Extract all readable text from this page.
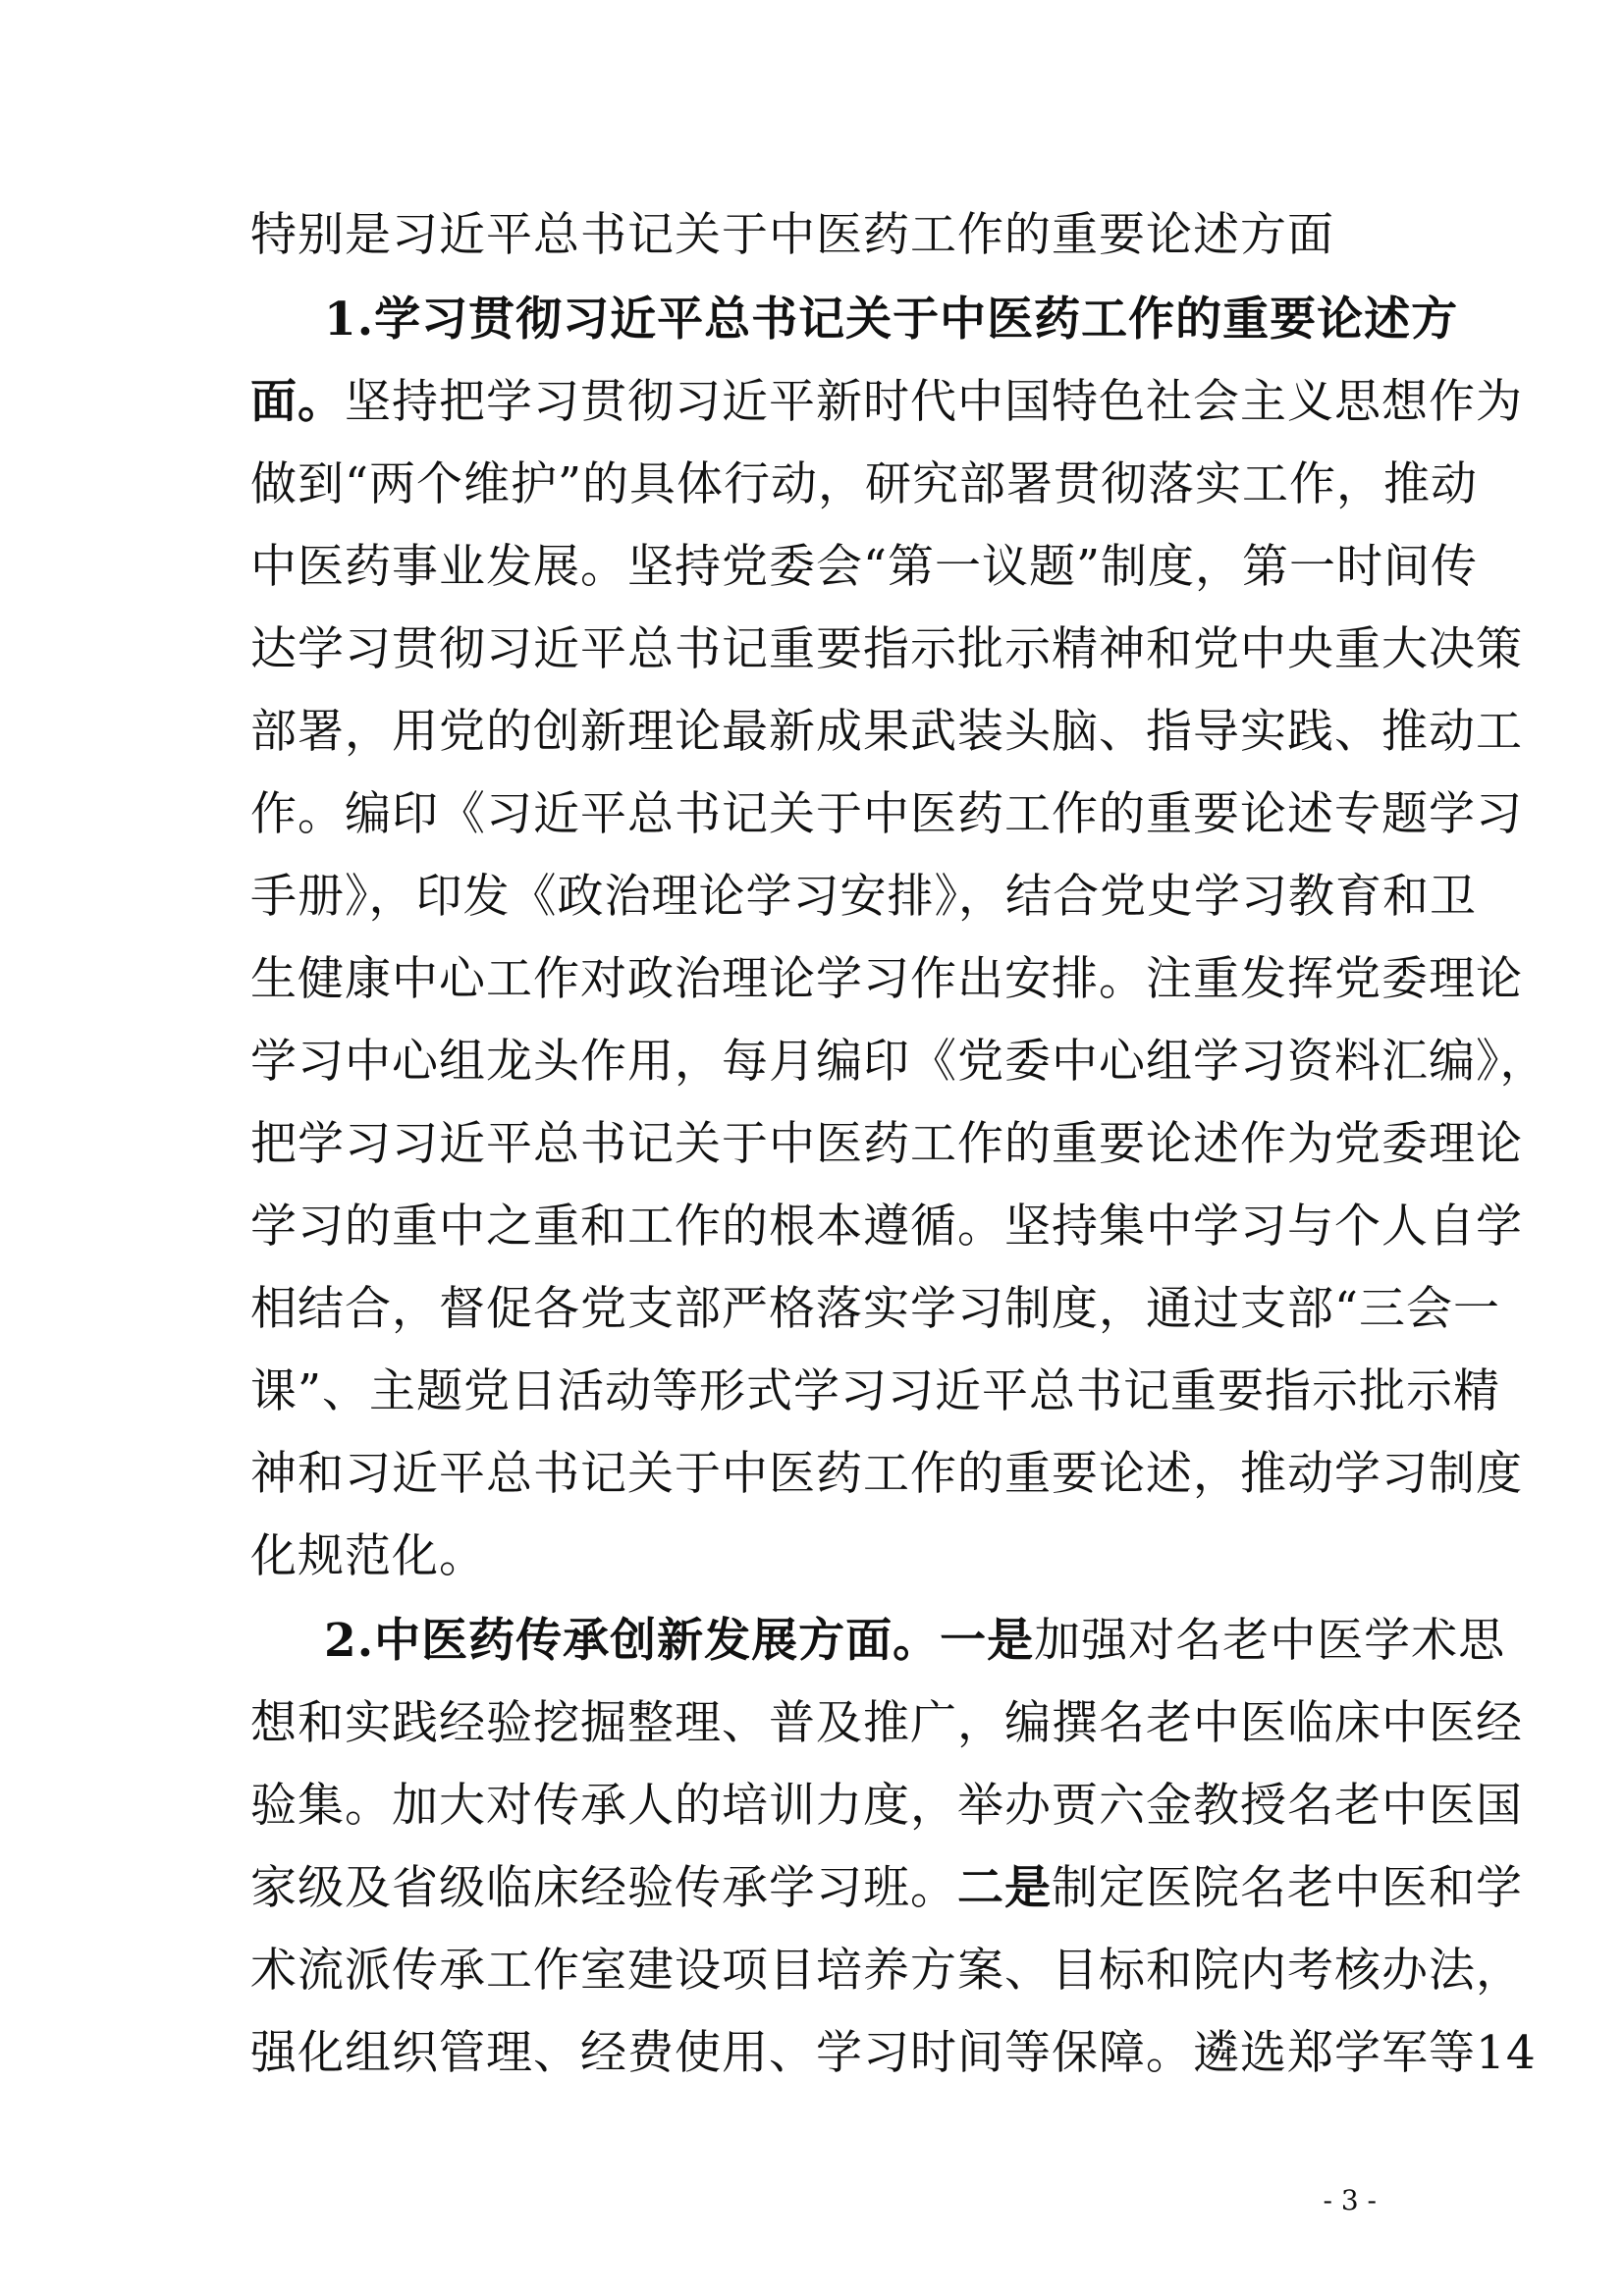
特别是习近平总书记关于中医药工作的重要论述方面
1.学习贯彻习近平总书记关于中医药工作的重要论述方
面。坚持把学习贯彻习近平新时代中国特色社会主义思想作为
做到“两个维护”的具体行动，研究部署贯彻落实工作，推动
中医药事业发展。坚持党委会“第一议题”制度，第一时间传
达学习贯彻习近平总书记重要指示批示精神和党中央重大决策
部署，用党的创新理论最新成果武装头脑、指导实践、推动工
作。编印《习近平总书记关于中医药工作的重要论述专题学习
手册》，印发《政治理论学习安排》，结合党史学习教育和卫
生健康中心工作对政治理论学习作出安排。注重发挥党委理论
学习中心组龙头作用，每月编印《党委中心组学习资料汇编》，
把学习习近平总书记关于中医药工作的重要论述作为党委理论
学习的重中之重和工作的根本遵循。坚持集中学习与个人自学
相结合，督促各党支部严格落实学习制度，通过支部“三会一
课”、主题党日活动等形式学习习近平总书记重要指示批示精
神和习近平总书记关于中医药工作的重要论述，推动学习制度
化规范化。
2.中医药传承创新发展方面。一是加强对名老中医学术思
想和实践经验挖掘整理、普及推广，编撰名老中医临床中医经
验集。加大对传承人的培训力度，举办贾六金教授名老中医国
家级及省级临床经验传承学习班。二是制定医院名老中医和学
术流派传承工作室建设项目培养方案、目标和院内考核办法，
强化组织管理、经费使用、学习时间等保障。遴选郑学军等14
- 3 -
